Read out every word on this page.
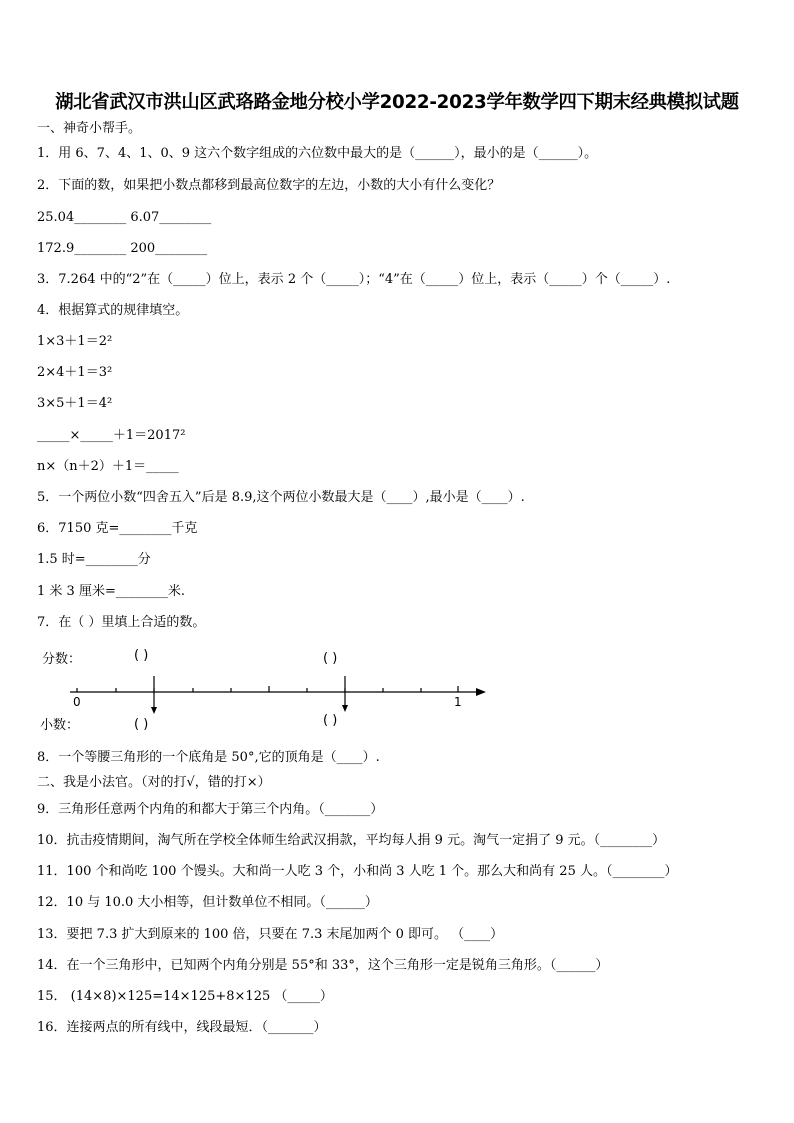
湖北省武汉市洪山区武珞路金地分校小学2022-2023学年数学四下期末经典模拟试题
一、神奇小帮手。
1．用 6、7、4、1、0、9 这六个数字组成的六位数中最大的是（______），最小的是（______）。
2．下面的数，如果把小数点都移到最高位数字的左边，小数的大小有什么变化？
25.04________ 6.07________
172.9________ 200________
3．7.264 中的“2”在（_____）位上，表示 2 个（_____）；“4”在（_____）位上，表示（_____）个（_____）.
4．根据算式的规律填空。
1×3＋1＝2²
2×4＋1＝3²
3×5＋1＝4²
_____×_____＋1＝2017²
n×（n＋2）＋1＝_____
5．一个两位小数“四舍五入”后是 8.9,这个两位小数最大是（____）,最小是（____）.
6．7150 克=________千克
1.5 时=________分
1 米 3 厘米=________米.
7．在（ ）里填上合适的数。
分数：
小数：
( )	( )
( )	( )
0	1
8．一个等腰三角形的一个底角是 50°,它的顶角是（____）.
二、我是小法官。（对的打√，错的打×）
9．三角形任意两个内角的和都大于第三个内角。（_______）
10．抗击疫情期间，淘气所在学校全体师生给武汉捐款，平均每人捐 9 元。淘气一定捐了 9 元。（________）
11．100 个和尚吃 100 个馒头。大和尚一人吃 3 个，小和尚 3 人吃 1 个。那么大和尚有 25 人。（________）
12．10 与 10.0 大小相等，但计数单位不相同。（______）
13．要把 7.3 扩大到原来的 100 倍，只要在 7.3 末尾加两个 0 即可。 （____）
14．在一个三角形中，已知两个内角分别是 55°和 33°，这个三角形一定是锐角三角形。（______）
15． (14×8)×125=14×125+8×125 （_____）
16．连接两点的所有线中，线段最短．（_______）
